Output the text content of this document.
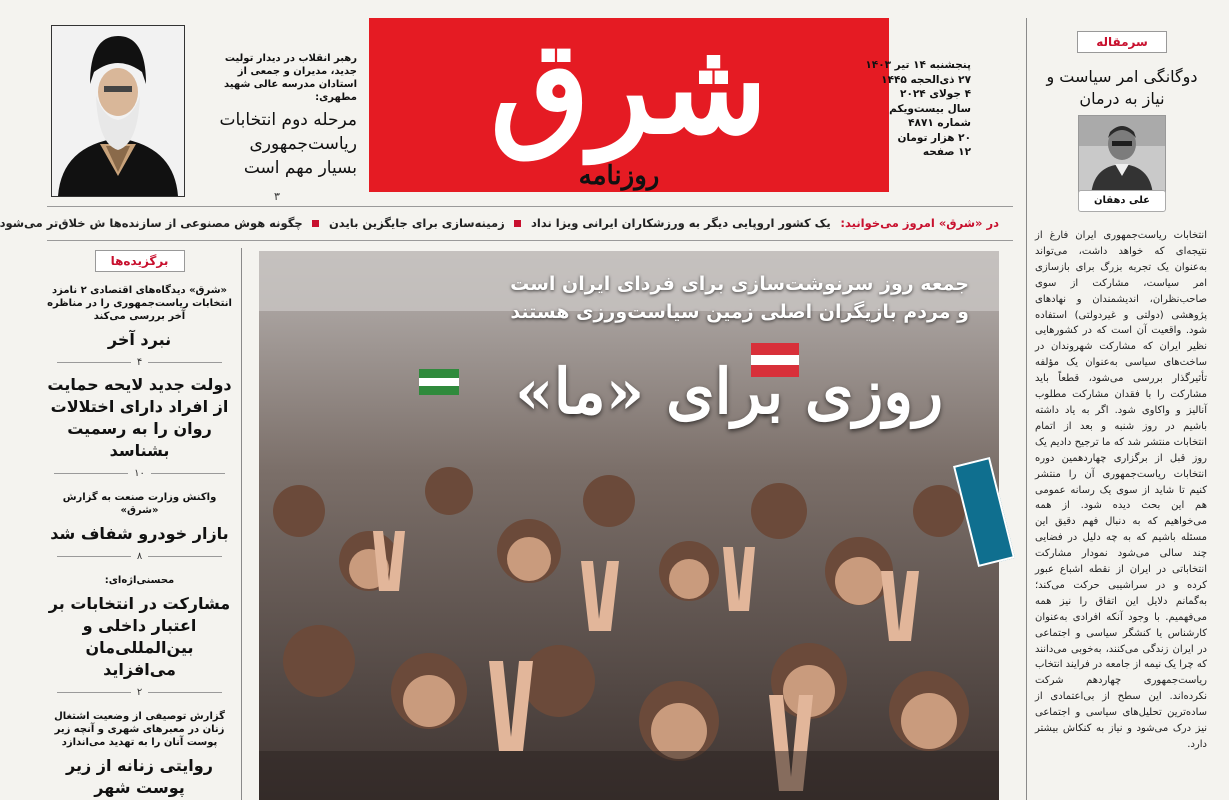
سرمقاله
دوگانگی امر سیاست و نیاز به درمان
علی دهقان
انتخابات ریاست‌جمهوری ایران فارغ از نتیجه‌ای که خواهد داشت، می‌تواند به‌عنوان یک تجربه بزرگ برای بازسازی امر سیاست، مشارکت از سوی صاحب‌نظران، اندیشمندان و نهادهای پژوهشی (دولتی و غیردولتی) استفاده شود. واقعیت آن است که در کشورهایی نظیر ایران که مشارکت شهروندان در ساخت‌های سیاسی به‌عنوان یک مؤلفه تأثیرگذار بررسی می‌شود، قطعاً باید مشارکت را با فقدان مشارکت مطلوب آنالیز و واکاوی شود. اگر به یاد داشته باشیم در روز شنبه و بعد از اتمام انتخابات منتشر شد که ما ترجیح دادیم یک روز قبل از برگزاری چهاردهمین دوره انتخابات ریاست‌جمهوری آن را منتشر کنیم تا شاید از سوی یک رسانه عمومی هم این بحث دیده شود. از همه می‌خواهیم که به دنبال فهم دقیق این مسئله باشیم که به چه دلیل در فضایی چند سالی می‌شود نمودار مشارکت انتخاباتی در ایران از نقطه اشباع عبور کرده و در سراشیبی حرکت می‌کند؛ به‌گمانم دلایل این اتفاق را نیز همه می‌فهمیم. با وجود آنکه افرادی به‌عنوان کارشناس یا کنشگر سیاسی و اجتماعی در ایران زندگی می‌کنند، به‌خوبی می‌دانند که چرا یک نیمه از جامعه در فرایند انتخاب ریاست‌جمهوری چهاردهم شرکت نکرده‌اند. این سطح از بی‌اعتمادی از ساده‌ترین تحلیل‌های سیاسی و اجتماعی نیز درک می‌شود و نیاز به کنکاش بیشتر دارد.
شرق
روزنامه
پنجشنبه ۱۴ تیر ۱۴۰۳
۲۷ ذی‌الحجه ۱۴۴۵
۴ جولای ۲۰۲۴
سال بیست‌ویکم
شماره ۴۸۷۱
۲۰ هزار تومان
۱۲ صفحه
رهبر انقلاب در دیدار تولیت جدید، مدیران و جمعی از استادان مدرسه عالی شهید مطهری:
مرحله دوم انتخابات
ریاست‌جمهوری
بسیار مهم است
۳
در «شرق» امروز می‌خوانید: یک کشور اروپایی دیگر به ورزشکاران ایرانی ویزا نداد  زمینه‌سازی برای جایگزین بایدن  چگونه هوش مصنوعی از سازنده‌ها ش خلاق‌تر می‌شود
جمعه روز سرنوشت‌سازی برای فردای ایران است
و مردم بازیگران اصلی زمین سیاست‌ورزی هستند
روزی برای «ما»
برگزیده‌ها
«شرق» دیدگاه‌های اقتصادی ۲ نامزد انتخابات ریاست‌جمهوری را در مناظره آخر بررسی می‌کند
نبرد آخر
۴
دولت جدید لایحه حمایت از افراد دارای اختلالات روان را به رسمیت بشناسد
۱۰
واکنش وزارت صنعت به گزارش «شرق»
بازار خودرو شفاف شد
۸
محسنی‌اژه‌ای:
مشارکت در انتخابات بر اعتبار داخلی و بین‌المللی‌مان می‌افزاید
۲
گزارش توصیفی از وضعیت اشتغال زنان در معبرهای شهری و آنچه زیر پوست آنان را به تهدید می‌اندازد
روایتی زنانه از زیر پوست شهر
